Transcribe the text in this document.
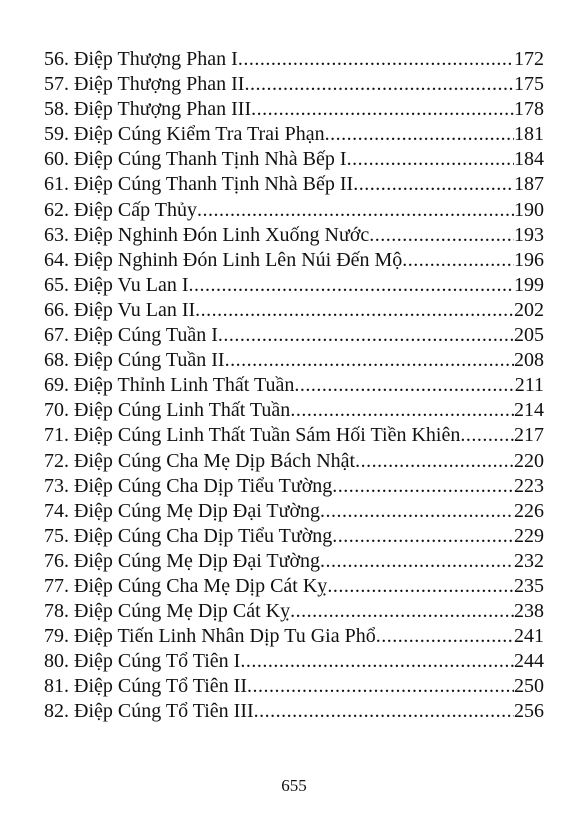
56. Điệp Thượng Phan I .....	172
57. Điệp Thượng Phan II .....	175
58. Điệp Thượng Phan III .....	178
59. Điệp Cúng Kiểm Tra Trai Phạn .....	181
60. Điệp Cúng Thanh Tịnh Nhà Bếp I .....	184
61. Điệp Cúng Thanh Tịnh Nhà Bếp II .....	187
62. Điệp Cấp Thủy .....	190
63. Điệp Nghinh Đón Linh Xuống Nước .....	193
64. Điệp Nghinh Đón Linh Lên Núi Đến Mộ .....	196
65. Điệp Vu Lan I .....	199
66. Điệp Vu Lan II .....	202
67. Điệp Cúng Tuần I .....	205
68. Điệp Cúng Tuần II .....	208
69. Điệp Thỉnh Linh Thất Tuần .....	211
70. Điệp Cúng Linh Thất Tuần .....	214
71. Điệp Cúng Linh Thất Tuần Sám Hối Tiền Khiên .....	217
72. Điệp Cúng Cha Mẹ Dịp Bách Nhật .....	220
73. Điệp Cúng Cha Dịp Tiểu Tường .....	223
74. Điệp Cúng Mẹ Dịp Đại Tường .....	226
75. Điệp Cúng Cha Dịp Tiểu Tường .....	229
76. Điệp Cúng Mẹ Dịp Đại Tường .....	232
77. Điệp Cúng Cha Mẹ Dịp Cát Kỵ .....	235
78. Điệp Cúng Mẹ Dịp Cát Kỵ .....	238
79. Điệp Tiến Linh Nhân Dịp Tu Gia Phổ .....	241
80. Điệp Cúng Tổ Tiên I .....	244
81. Điệp Cúng Tổ Tiên II .....	250
82. Điệp Cúng Tổ Tiên III .....	256
655
